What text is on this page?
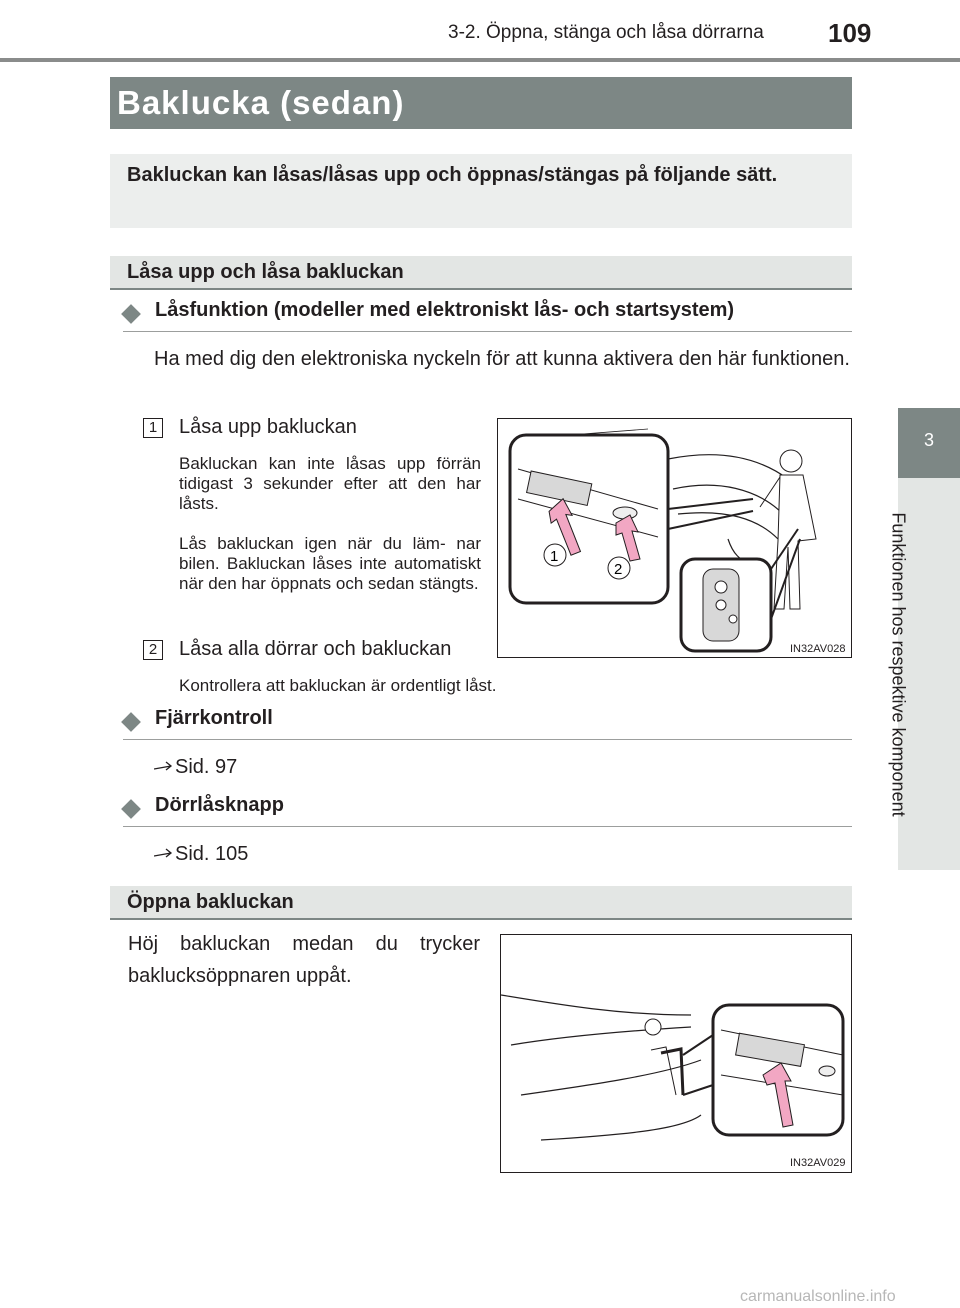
3-2. Öppna, stänga och låsa dörrarna 109
3
Funktionen hos respektive komponent
Baklucka (sedan)
Bakluckan kan låsas/låsas upp och öppnas/stängas på följande sätt.
Låsa upp och låsa bakluckan
Låsfunktion (modeller med elektroniskt lås- och startsystem)
Ha med dig den elektroniska nyckeln för att kunna aktivera den här funktionen.
1 Låsa upp bakluckan
Bakluckan kan inte låsas upp förrän tidigast 3 sekunder efter att den har låsts.
Lås bakluckan igen när du läm- nar bilen. Bakluckan låses inte automatiskt när den har öppnats och sedan stängts.
2 Låsa alla dörrar och bakluckan
Kontrollera att bakluckan är ordentligt låst.
1
2
IN32AV028
Fjärrkontroll
Sid. 97
Dörrlåsknapp
Sid. 105
Öppna bakluckan
Höj bakluckan medan du trycker baklucksöppnaren uppåt.
IN32AV029
carmanualsonline.info
